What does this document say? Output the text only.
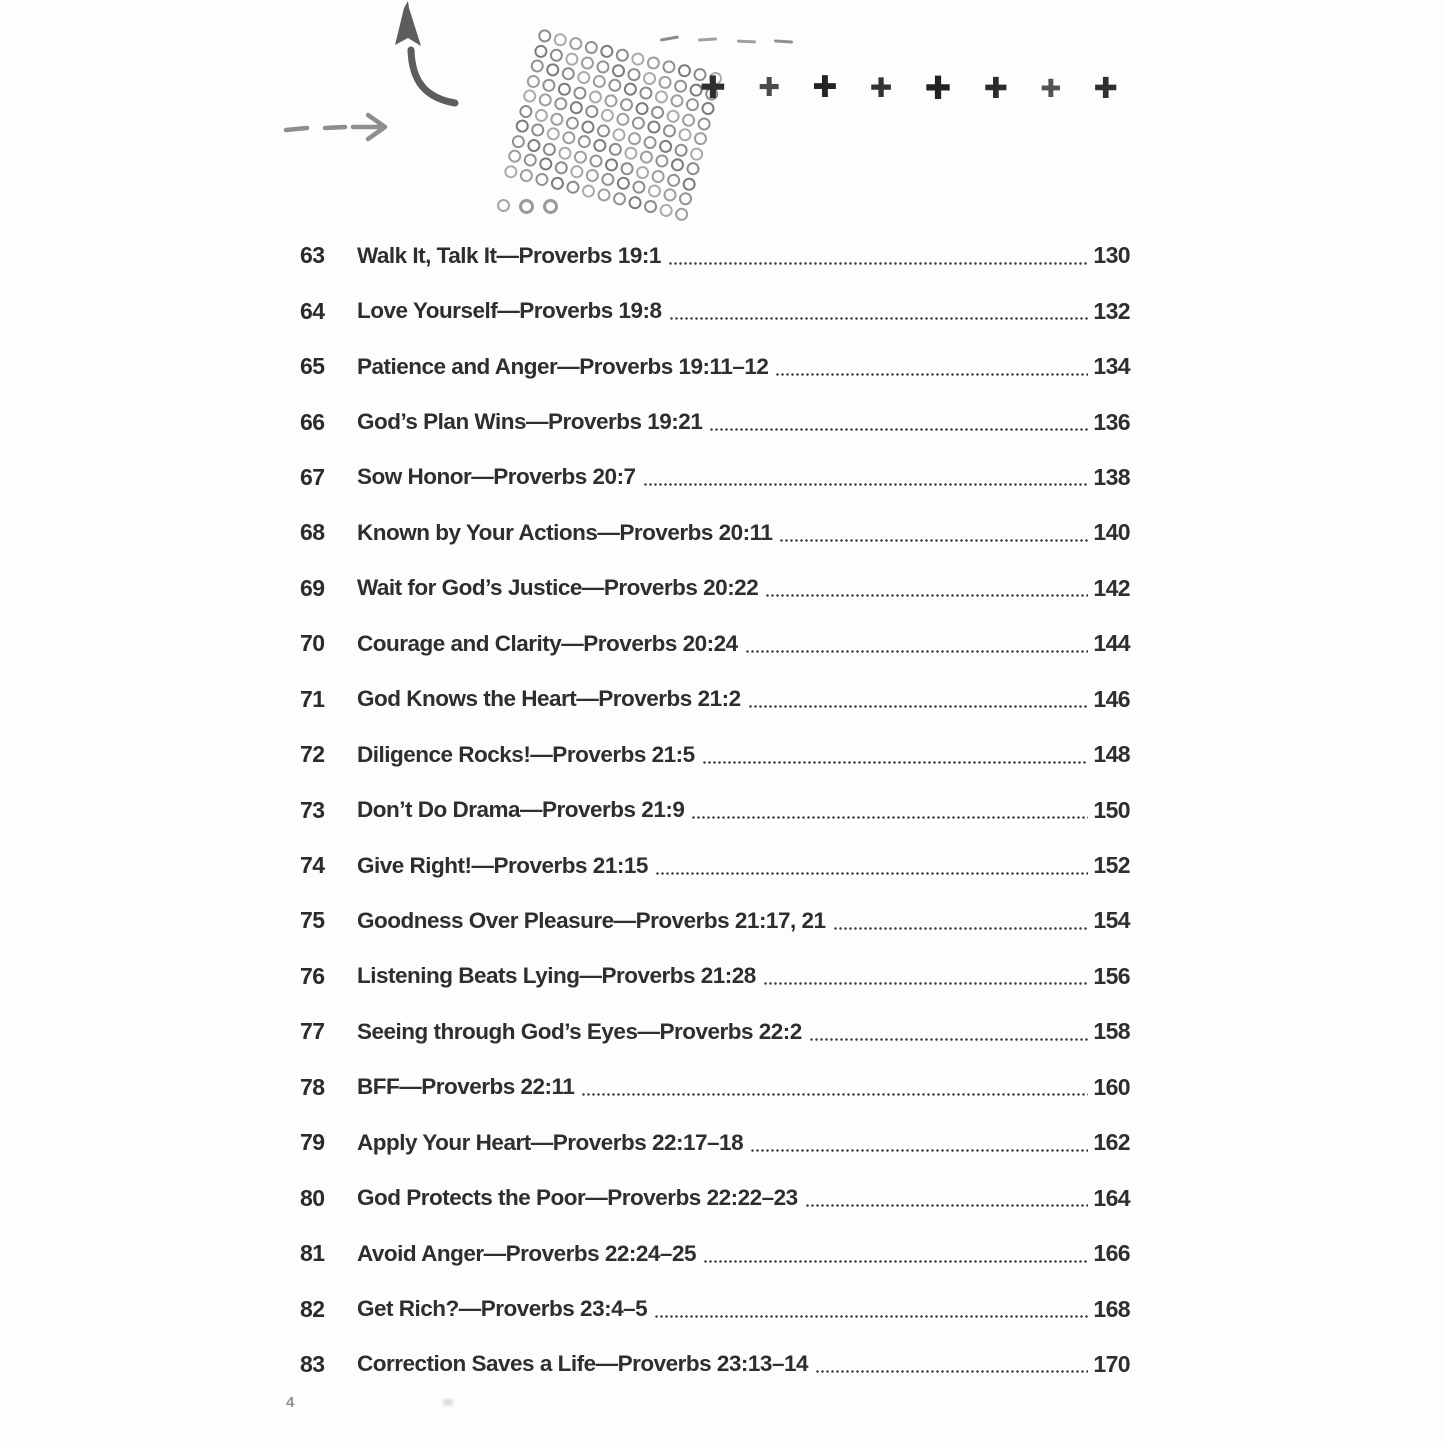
✚ ✚ ✚ ✚ ✚ ✚ ✚ ✚
63	Walk It, Talk It—Proverbs 19:1	130
64	Love Yourself—Proverbs 19:8	132
65	Patience and Anger—Proverbs 19:11–12	134
66	God’s Plan Wins—Proverbs 19:21	136
67	Sow Honor—Proverbs 20:7	138
68	Known by Your Actions—Proverbs 20:11	140
69	Wait for God’s Justice—Proverbs 20:22	142
70	Courage and Clarity—Proverbs 20:24	144
71	God Knows the Heart—Proverbs 21:2	146
72	Diligence Rocks!—Proverbs 21:5	148
73	Don’t Do Drama—Proverbs 21:9	150
74	Give Right!—Proverbs 21:15	152
75	Goodness Over Pleasure—Proverbs 21:17, 21	154
76	Listening Beats Lying—Proverbs 21:28	156
77	Seeing through God’s Eyes—Proverbs 22:2	158
78	BFF—Proverbs 22:11	160
79	Apply Your Heart—Proverbs 22:17–18	162
80	God Protects the Poor—Proverbs 22:22–23	164
81	Avoid Anger—Proverbs 22:24–25	166
82	Get Rich?—Proverbs 23:4–5	168
83	Correction Saves a Life—Proverbs 23:13–14	170
4
